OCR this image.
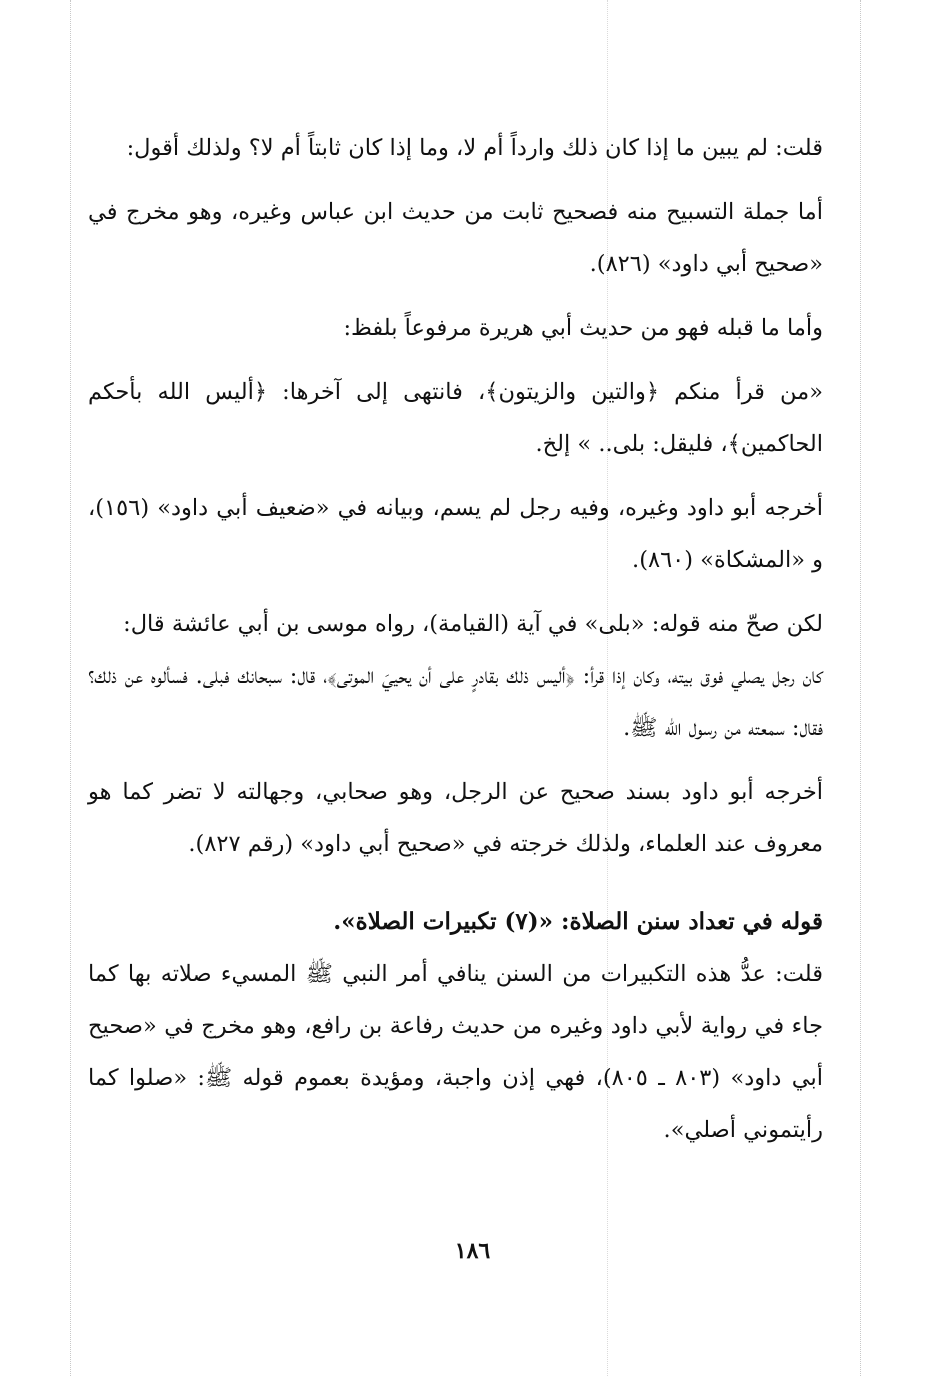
قلت: لم يبين ما إذا كان ذلك وارداً أم لا، وما إذا كان ثابتاً أم لا؟ ولذلك أقول:

أما جملة التسبيح منه فصحيح ثابت من حديث ابن عباس وغيره، وهو مخرج في «صحيح أبي داود» (٨٢٦).

وأما ما قبله فهو من حديث أبي هريرة مرفوعاً بلفظ:

«من قرأ منكم ﴿والتين والزيتون﴾، فانتهى إلى آخرها: ﴿أليس الله بأحكم الحاكمين﴾، فليقل: بلى.. » إلخ.

أخرجه أبو داود وغيره، وفيه رجل لم يسم، وبيانه في «ضعيف أبي داود» (١٥٦)، و «المشكاة» (٨٦٠).

لكن صحّ منه قوله: «بلى» في آية (القيامة)، رواه موسى بن أبي عائشة قال:

كان رجل يصلي فوق بيته، وكان إذا قرأ: ﴿أليس ذلك بقادرٍ على أن يحييَ الموتى﴾، قال: سبحانك فبلى. فسألوه عن ذلك؟ فقال: سمعته من رسول الله ﷺ.

أخرجه أبو داود بسند صحيح عن الرجل، وهو صحابي، وجهالته لا تضر كما هو معروف عند العلماء، ولذلك خرجته في «صحيح أبي داود» (رقم ٨٢٧).

قوله في تعداد سنن الصلاة: «(٧) تكبيرات الصلاة».

قلت: عدُّ هذه التكبيرات من السنن ينافي أمر النبي ﷺ المسيء صلاته بها كما جاء في رواية لأبي داود وغيره من حديث رفاعة بن رافع، وهو مخرج في «صحيح أبي داود» (٨٠٣ ـ ٨٠٥)، فهي إذن واجبة، ومؤيدة بعموم قوله ﷺ: «صلوا كما رأيتموني أصلي».

١٨٦
